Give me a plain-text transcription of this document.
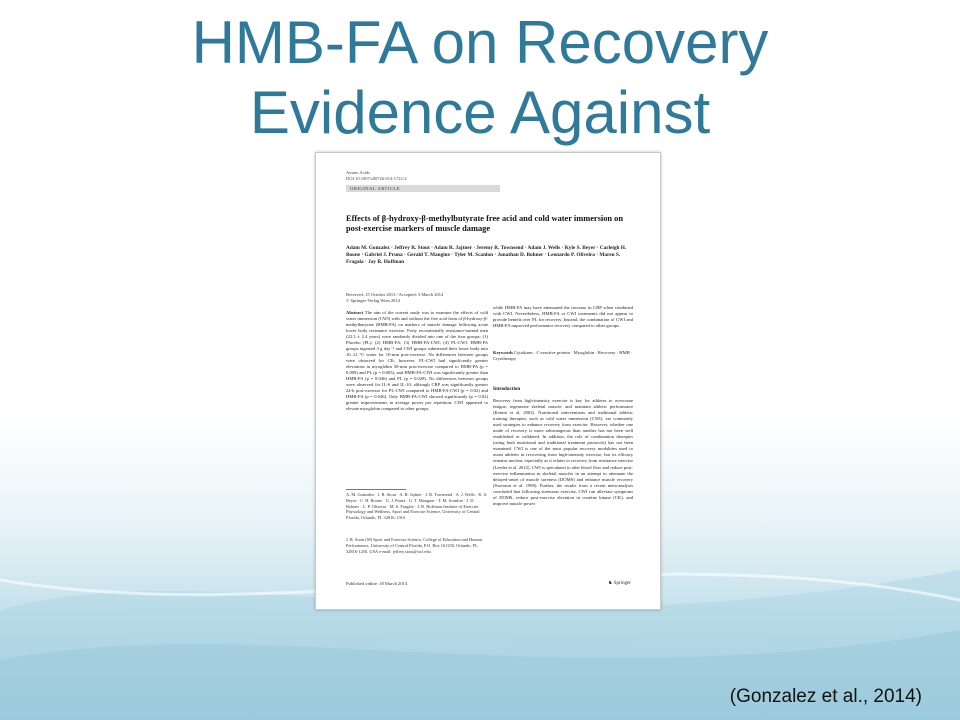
HMB-FA on Recovery
Evidence Against
Amino Acids
DOI 10.1007/s00726-014-1722-2
ORIGINAL ARTICLE
Effects of β-hydroxy-β-methylbutyrate free acid and cold water immersion on post-exercise markers of muscle damage
Adam M. Gonzalez · Jeffrey R. Stout · Adam R. Jajtner · Jeremy R. Townsend · Adam J. Wells · Kyle S. Beyer · Carleigh H. Boone · Gabriel J. Pruna · Gerald T. Mangine · Tyler M. Scanlon · Jonathan D. Bohner · Leonardo P. Oliveira · Maren S. Fragala · Jay R. Hoffman
Received: 15 October 2013 / Accepted: 3 March 2014
© Springer-Verlag Wien 2014
Abstract The aim of the current study was to examine the effects of cold water immersion (CWI) with and without the free acid form of β-hydroxy-β-methylbutyrate (HMB-FA) on markers of muscle damage following acute lower body resistance exercise. Forty recreationally resistance-trained men (22.3 ± 2.4 years) were randomly divided into one of the four groups: (1) Placebo (PL); (2) HMB-FA; (3) HMB-FA-CWI; (4) PL-CWI. HMB-FA groups ingested 3 g day⁻¹ and CWI groups submersed their lower body into 10–12 °C water for 10-min post-exercise. No differences between groups were observed for CK; however, PL-CWI had significantly greater elevations in myoglobin 30-min post-exercise compared to HMB-FA (p = 0.009) and PL (p = 0.005), and HMB-FA-CWI was significantly greater than HMB-FA (p = 0.046) and PL (p = 0.028). No differences between groups were observed for IL-6 and IL-10, although CRP was significantly greater 24-h post-exercise for PL-CWI compared to HMB-FA-CWI (p = 0.02) and HMB-FA (p = 0.046). Only HMB-FA-CWI showed significantly (p = 0.02) greater improvements in average power per repetition. CWI appeared to elevate myoglobin compared to other groups,
while HMB-FA may have attenuated the increase in CRP when combined with CWI. Nevertheless, HMB-FA or CWI treatments did not appear to provide benefit over PL for recovery. Instead, the combination of CWI and HMB-FA improved performance recovery compared to other groups.
Keywords Cytokines · C-reactive protein · Myoglobin · Recovery · HMB · Cryotherapy
Introduction
Recovery from high-intensity exercise is key for athletes to overcome fatigue, regenerate skeletal muscle, and maintain athletic performance (Kenttä et al. 2002). Nutritional interventions and traditional athletic training therapies, such as cold water immersion (CWI), are commonly used strategies to enhance recovery from exercise. However, whether one mode of recovery is more advantageous than another has not been well established or validated. In addition, the role of combination therapies (using both nutritional and traditional treatment protocols) has not been examined. CWI is one of the most popular recovery modalities used to assist athletes in recovering from high-intensity exercise, but its efficacy remains unclear, especially as it relates to recovery from resistance exercise (Leeder et al. 2012). CWI is speculated to alter blood flow and reduce post-exercise inflammation in skeletal muscles in an attempt to attenuate the delayed-onset of muscle soreness (DOMS) and enhance muscle recovery (Swenson et al. 1996). Further, the results from a recent meta-analysis concluded that following strenuous exercise, CWI can alleviate symptoms of DOMS, reduce post-exercise elevation in creatine kinase (CK), and improve muscle power
A. M. Gonzalez · J. R. Stout · A. R. Jajtner · J. R. Townsend · A. J. Wells · K. S. Beyer · C. H. Boone · G. J. Pruna · G. T. Mangine · T. M. Scanlon · J. D. Bohner · L. P. Oliveira · M. S. Fragala · J. R. Hoffman Institute of Exercise Physiology and Wellness, Sport and Exercise Science, University of Central Florida, Orlando, FL 32816, USA
J. R. Stout (✉) Sport and Exercise Science, College of Education and Human Performance, University of Central Florida, P.O. Box 161250, Orlando, FL 32816-1250, USA e-mail: jeffrey.stout@ucf.edu
Published online: 18 March 2014	♞ Springer
(Gonzalez et al., 2014)
